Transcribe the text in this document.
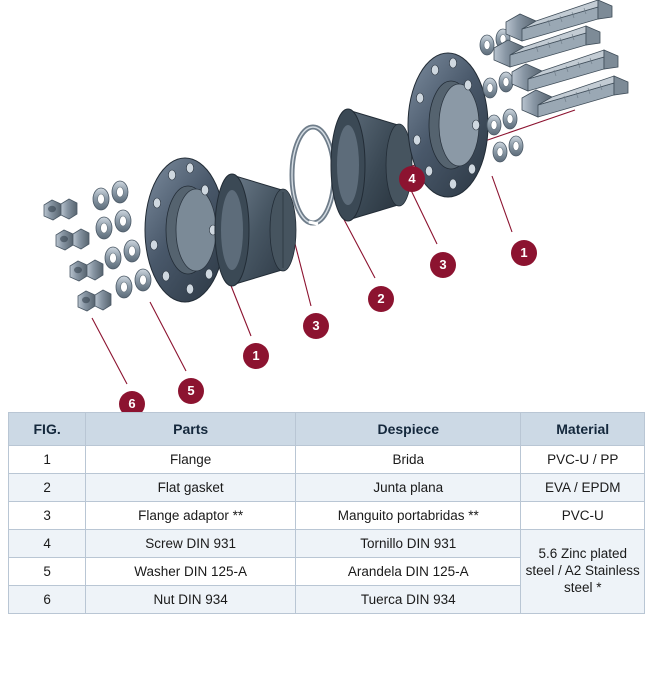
4
1
3
2
3
1
5
6
FIG.	Parts	Despiece	Material
1	Flange	Brida	PVC-U / PP
2	Flat gasket	Junta plana	EVA / EPDM
3	Flange adaptor **	Manguito portabridas **	PVC-U
4	Screw DIN 931	Tornillo DIN 931	5.6 Zinc plated steel / A2 Stainless steel *
5	Washer DIN 125-A	Arandela DIN 125-A	
6	Nut DIN 934	Tuerca DIN 934	
